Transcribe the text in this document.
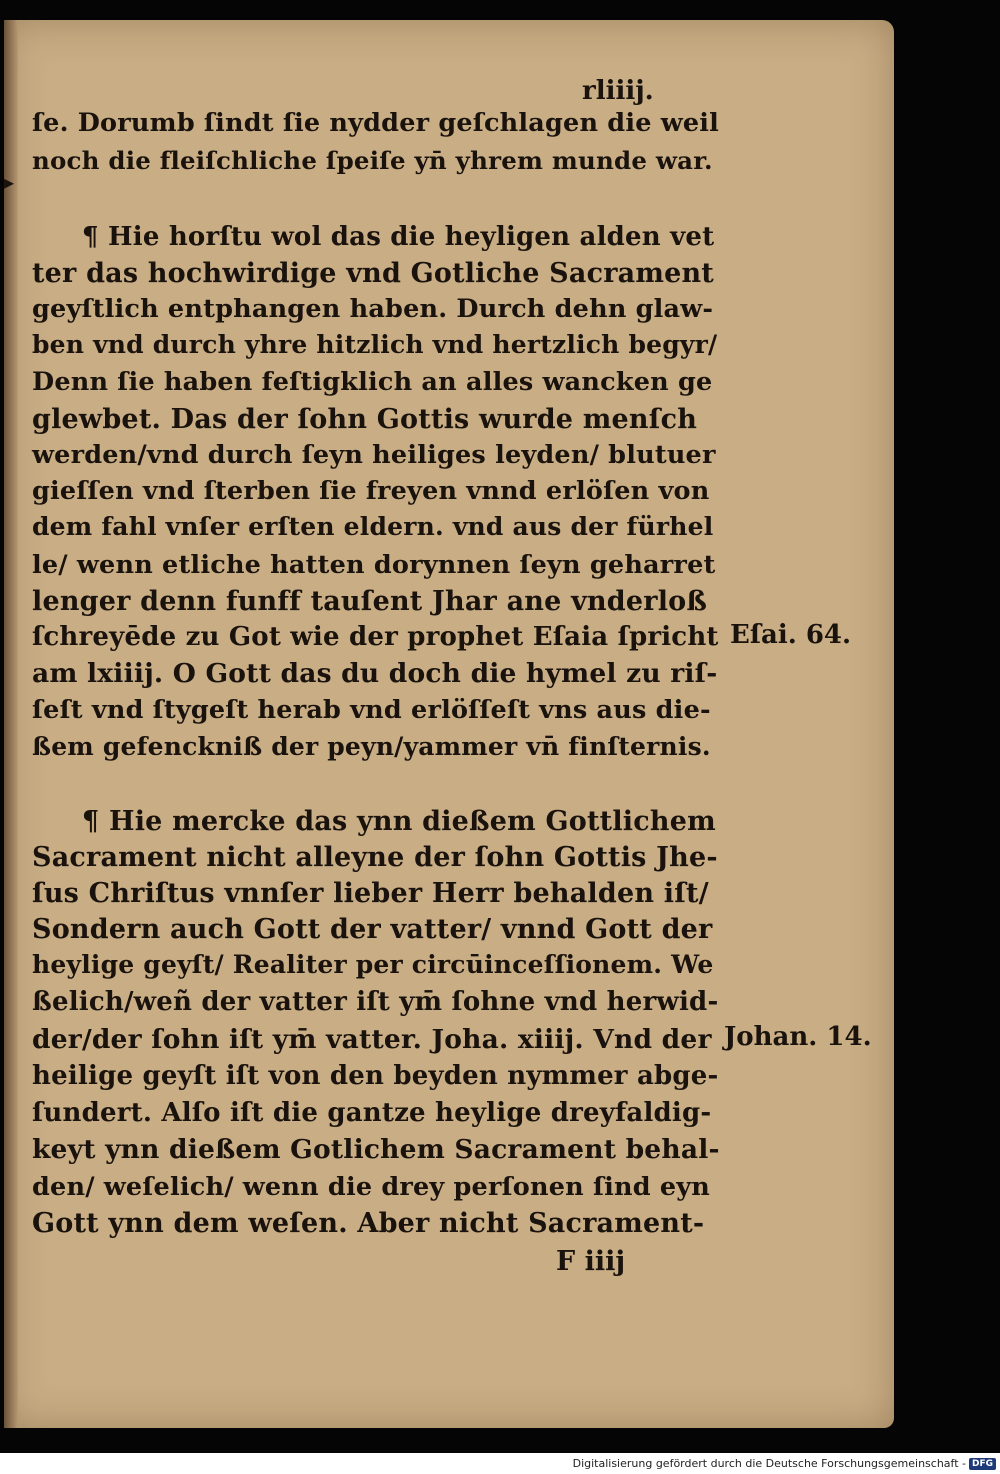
▸
rliiij.
ſe. Dorumb ſindt ſie nydder geſchlagen die weil
noch die fleiſchliche ſpeiſe yn̄ yhrem munde war.
¶ Hie horſtu wol das die heyligen alden vet
ter das hochwirdige vnd Gotliche Sacrament
geyſtlich entphangen haben. Durch dehn glaw-
ben vnd durch yhre hitzlich vnd hertzlich begyr/
Denn ſie haben feſtigklich an alles wancken ge
glewbet. Das der ſohn Gottis wurde menſch
werden/vnd durch ſeyn heiliges leyden/ blutuer
gieſſen vnd ſterben ſie freyen vnnd erlöſen von
dem fahl vnſer erſten eldern. vnd aus der fürhel
le/ wenn etliche hatten dorynnen ſeyn geharret
lenger denn funff tauſent Jhar ane vnderloß
ſchreyēde zu Got wie der prophet Eſaia ſpricht
am lxiiij. O Gott das du doch die hymel zu riſ-
ſeſt vnd ſtygeſt herab vnd erlöſſeſt vns aus die-
ßem gefenckniß der peyn/yammer vn̄ finſternis.
¶ Hie mercke das ynn dießem Gottlichem
Sacrament nicht alleyne der ſohn Gottis Jhe-
ſus Chriſtus vnnſer lieber Herr behalden iſt/
Sondern auch Gott der vatter/ vnnd Gott der
heylige geyſt/ Realiter per circūinceſſionem. We
ßelich/weñ der vatter iſt ym̄ ſohne vnd herwid-
der/der ſohn iſt ym̄ vatter. Joha. xiiij. Vnd der
heilige geyſt iſt von den beyden nymmer abge-
ſundert. Alſo iſt die gantze heylige dreyfaldig-
keyt ynn dießem Gotlichem Sacrament behal-
den/ weſelich/ wenn die drey perſonen ſind eyn
Gott ynn dem weſen. Aber nicht Sacrament-
Eſai. 64.
Johan. 14.
F iiij
Digitalisierung gefördert durch die Deutsche Forschungsgemeinschaft - DFG
